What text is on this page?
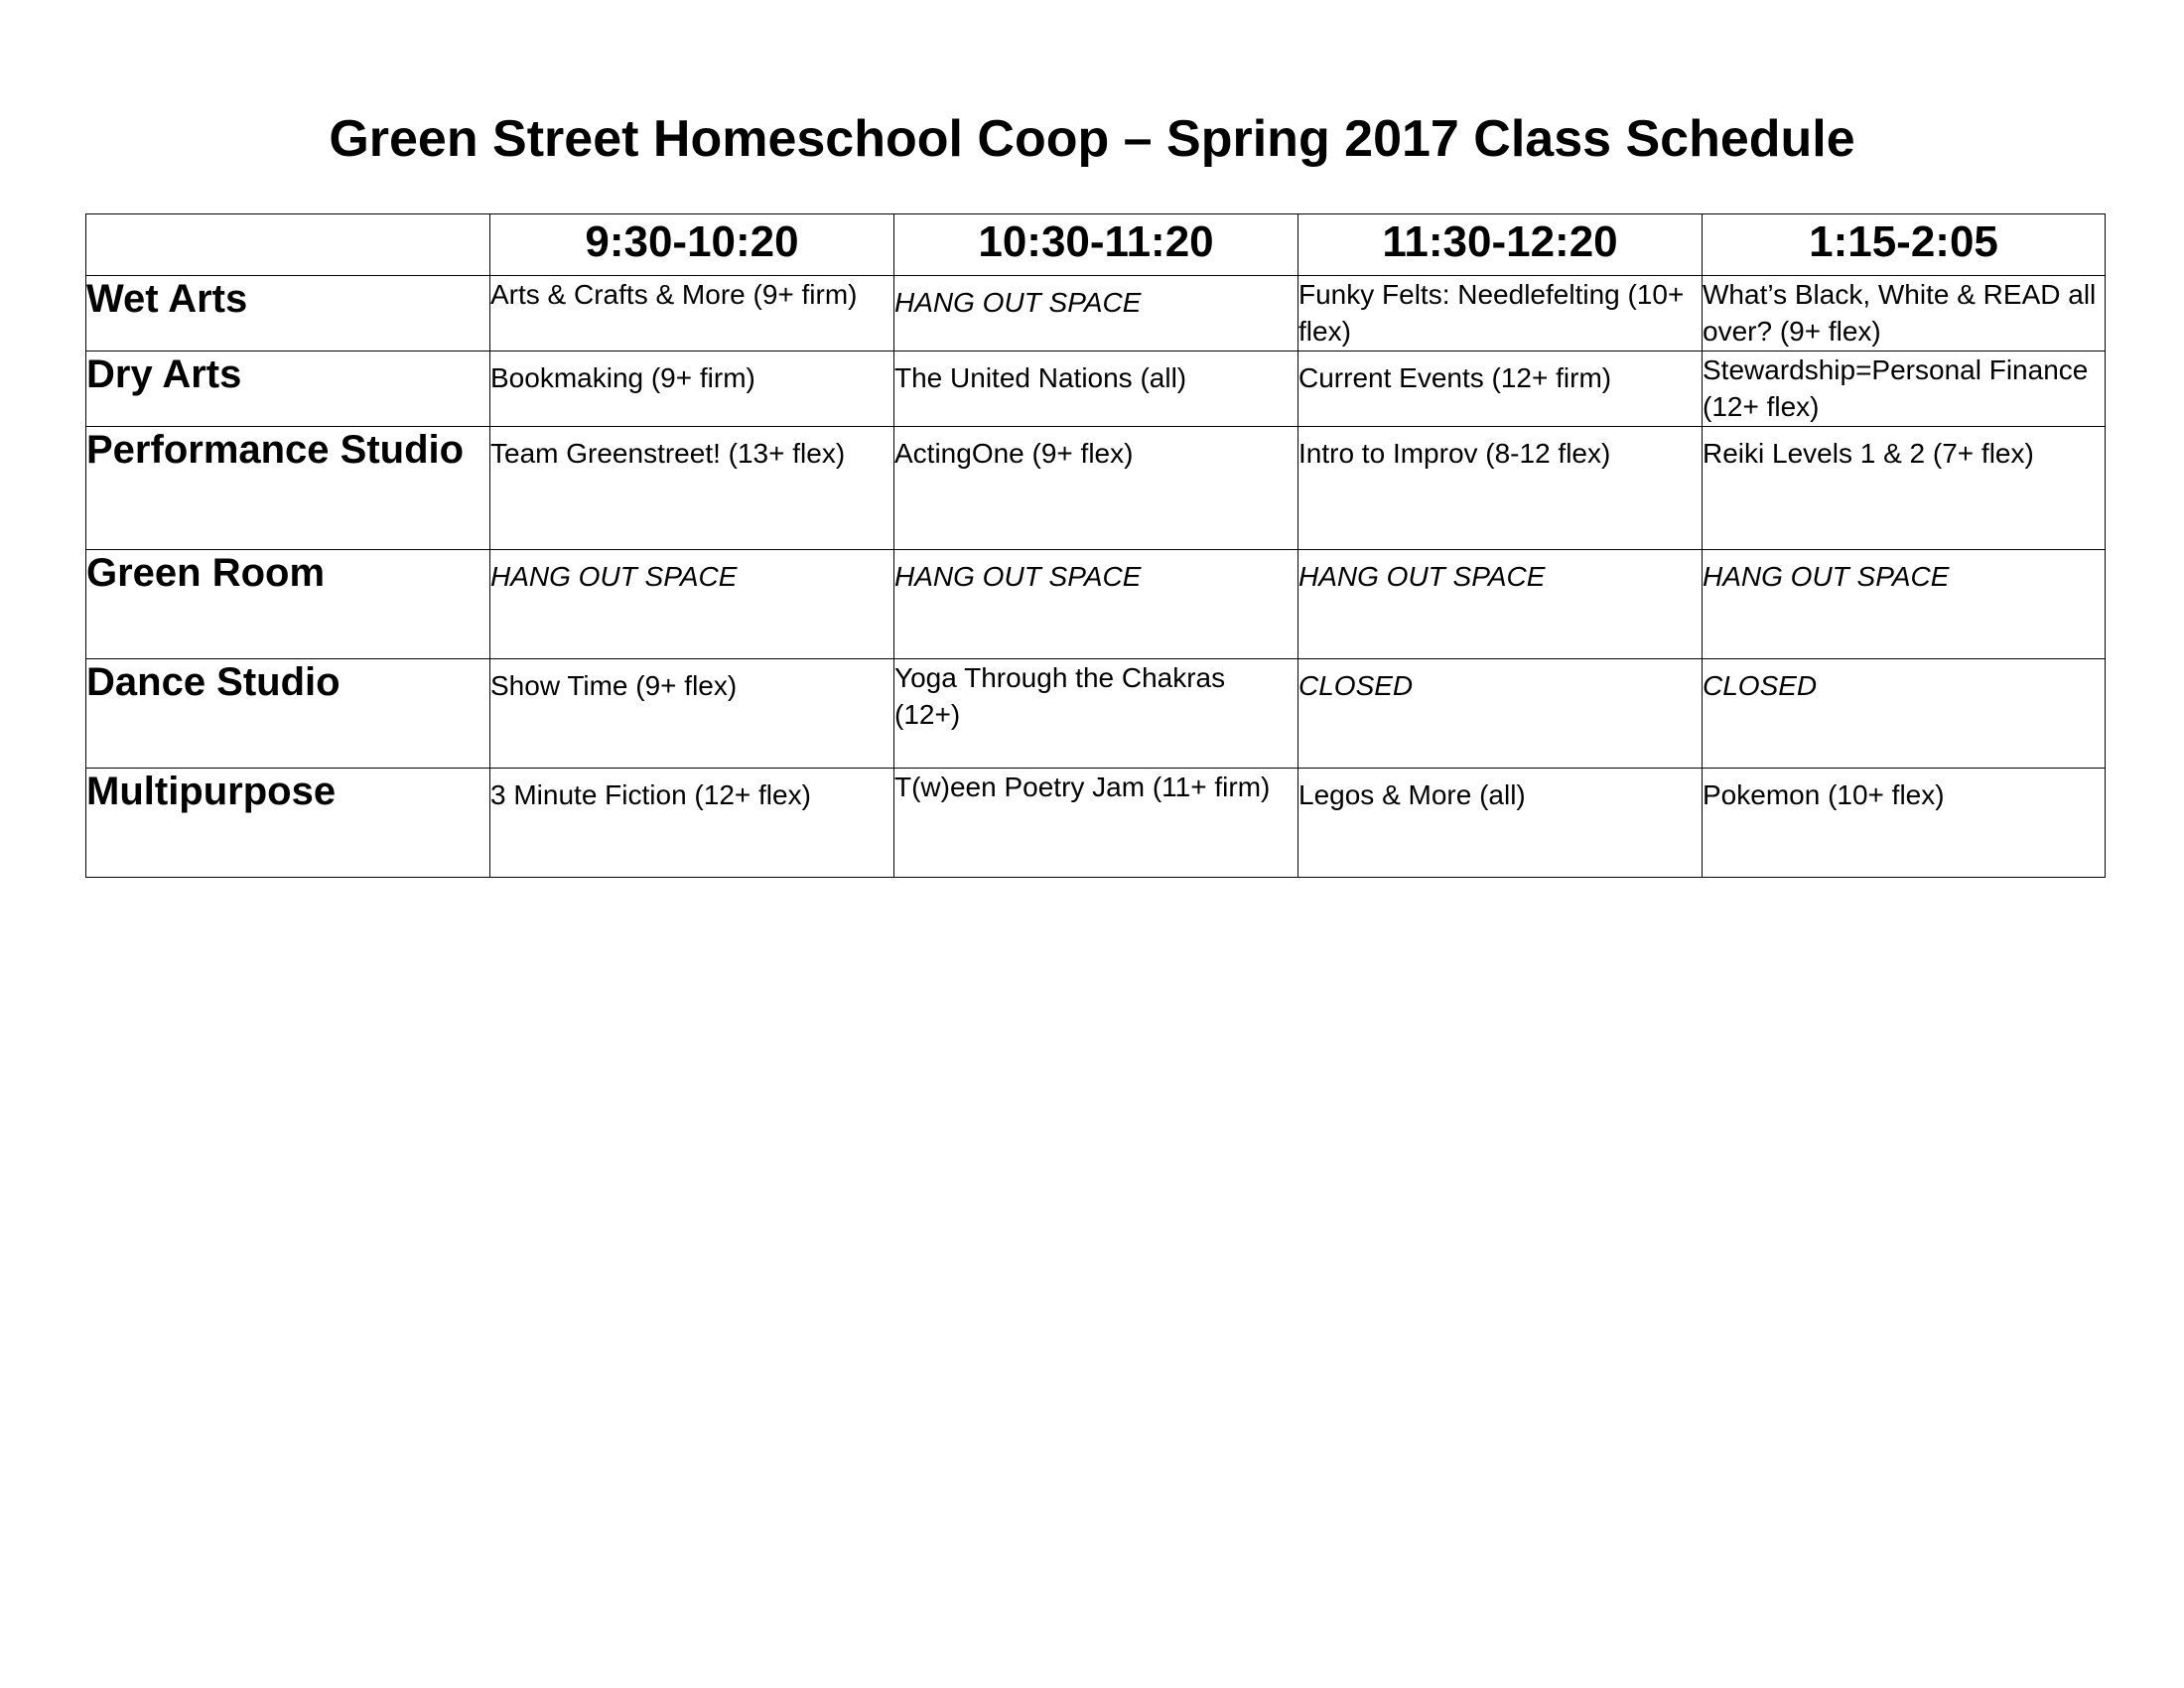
Green Street Homeschool Coop – Spring 2017 Class Schedule
	9:30-10:20	10:30-11:20	11:30-12:20	1:15-2:05
Wet Arts	Arts & Crafts & More (9+ firm)	HANG OUT SPACE	Funky Felts: Needlefelting (10+ flex)	What’s Black, White & READ all over? (9+ flex)

Dry Arts	Bookmaking (9+ firm)	The United Nations (all)	Current Events (12+ firm)	Stewardship=Personal Finance (12+ flex)

Performance Studio	Team Greenstreet! (13+ flex)	ActingOne (9+ flex)	Intro to Improv (8-12 flex)	Reiki Levels 1 & 2 (7+ flex)

Green Room	HANG OUT SPACE	HANG OUT SPACE	HANG OUT SPACE	HANG OUT SPACE

Dance Studio	Show Time (9+ flex)	Yoga Through the Chakras (12+)	CLOSED	CLOSED

Multipurpose	3 Minute Fiction (12+ flex)	T(w)een Poetry Jam (11+ firm)	Legos & More (all)	Pokemon (10+ flex)
